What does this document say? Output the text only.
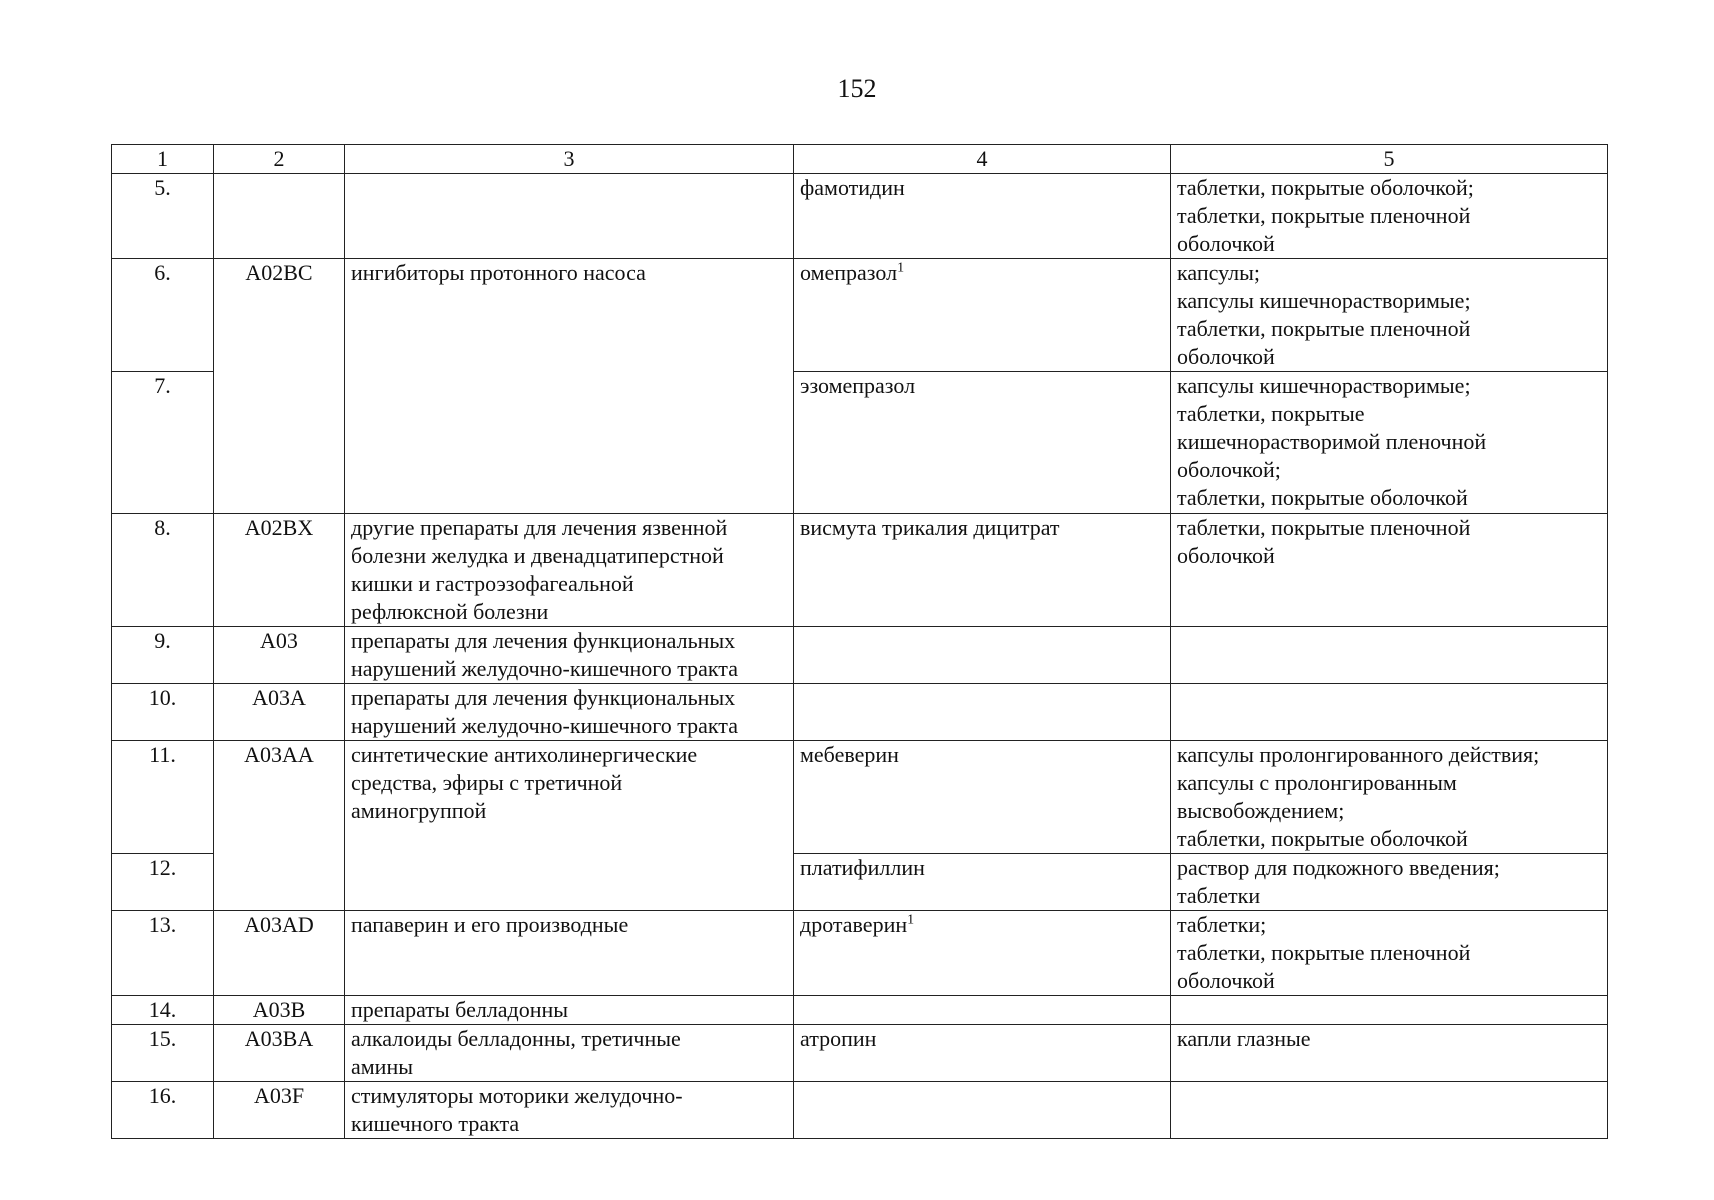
152
1	2	3	4	5
5.			фамотидин	таблетки, покрытые оболочкой;
таблетки, покрытые пленочной
оболочкой
6.	A02BC	ингибиторы протонного насоса	омепразол$^1$	капсулы;
капсулы кишечнорастворимые;
таблетки, покрытые пленочной
оболочкой
7.			эзомепразол	капсулы кишечнорастворимые;
таблетки, покрытые
кишечнорастворимой пленочной
оболочкой;
таблетки, покрытые оболочкой
8.	A02BX	другие препараты для лечения язвенной
болезни желудка и двенадцатиперстной
кишки и гастроэзофагеальной
рефлюксной болезни	висмута трикалия дицитрат	таблетки, покрытые пленочной
оболочкой
9.	A03	препараты для лечения функциональных
нарушений желудочно-кишечного тракта		
10.	A03A	препараты для лечения функциональных
нарушений желудочно-кишечного тракта		
11.	A03AA	синтетические антихолинергические
средства, эфиры с третичной
аминогруппой	мебеверин	капсулы пролонгированного действия;
капсулы с пролонгированным
высвобождением;
таблетки, покрытые оболочкой
12.			платифиллин	раствор для подкожного введения;
таблетки
13.	A03AD	папаверин и его производные	дротаверин$^1$	таблетки;
таблетки, покрытые пленочной
оболочкой
14.	A03B	препараты белладонны		
15.	A03BA	алкалоиды белладонны, третичные
амины	атропин	капли глазные
16.	A03F	стимуляторы моторики желудочно-
кишечного тракта		
